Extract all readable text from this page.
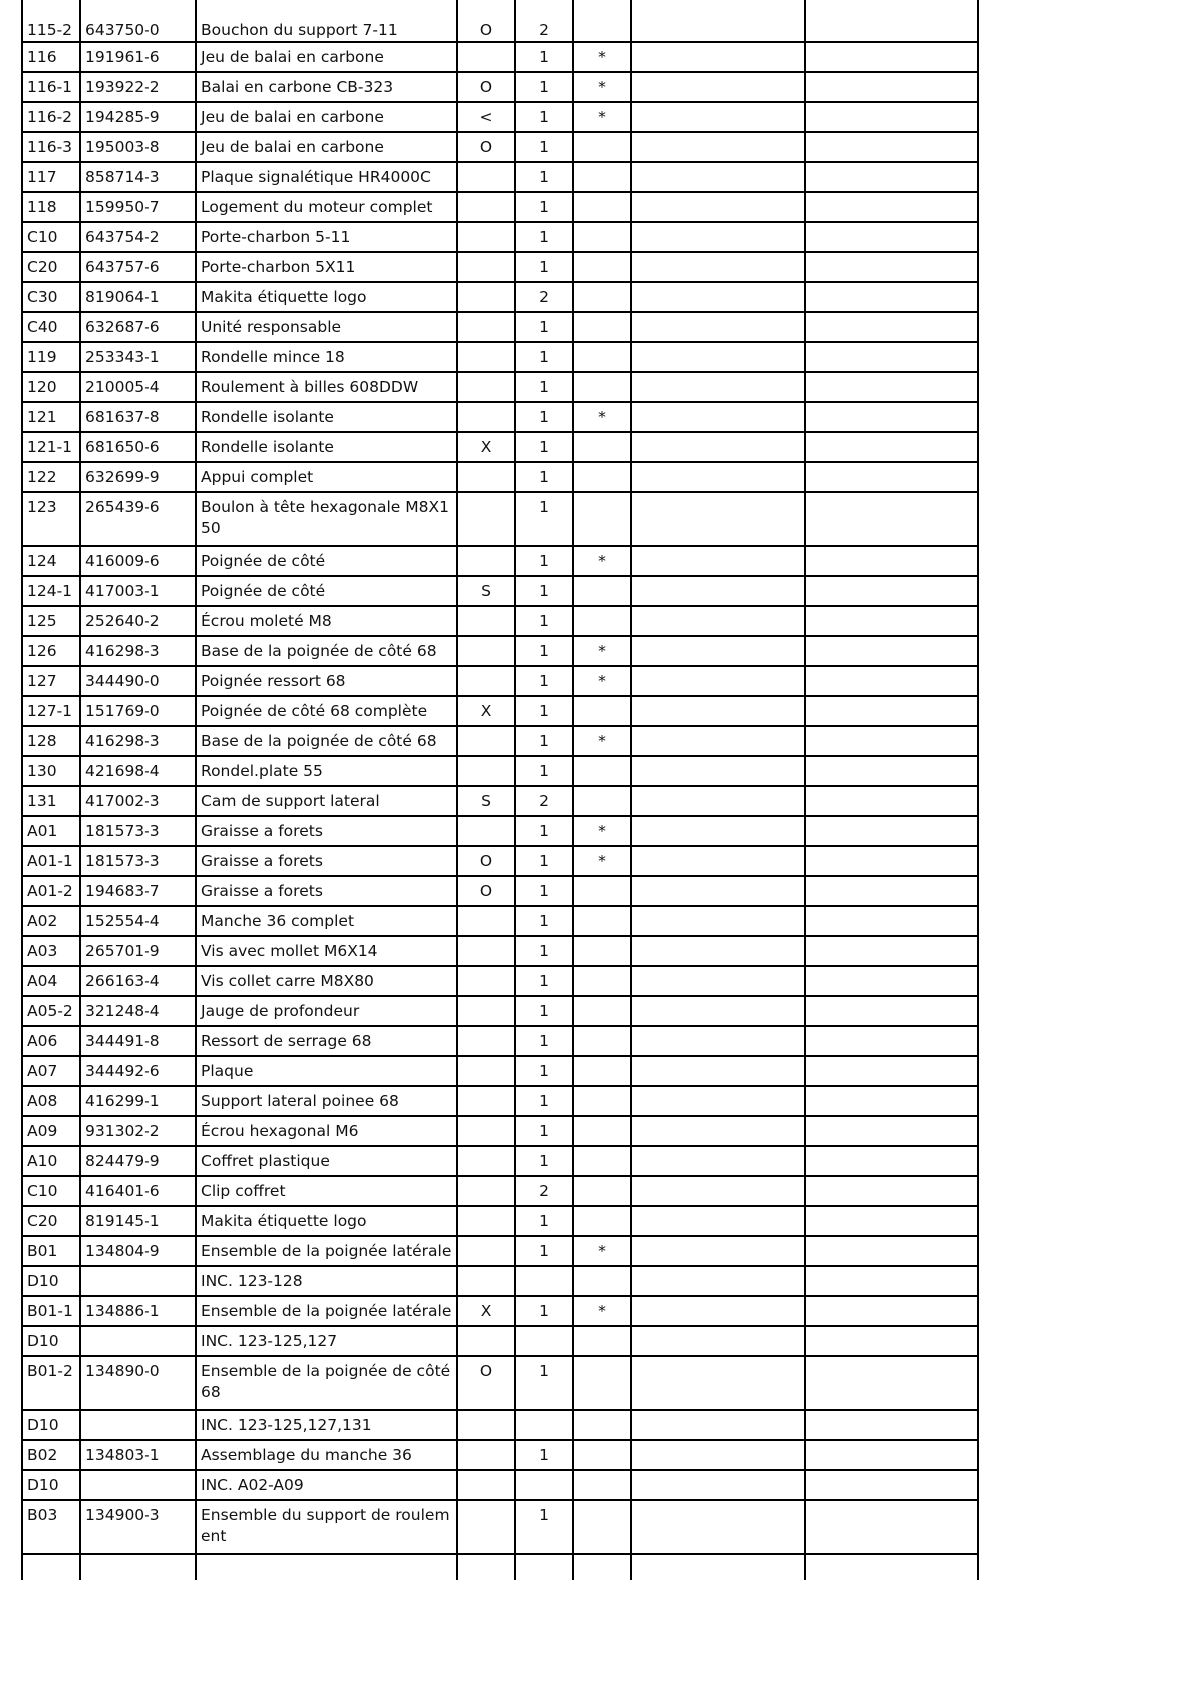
115-2	643750-0	Bouchon du support 7-11	O	2			
116	191961-6	Jeu de balai en carbone		1	*		
116-1	193922-2	Balai en carbone CB-323	O	1	*		
116-2	194285-9	Jeu de balai en carbone	<	1	*		
116-3	195003-8	Jeu de balai en carbone	O	1			
117	858714-3	Plaque signalétique HR4000C		1			
118	159950-7	Logement du moteur complet		1			
C10	643754-2	Porte-charbon 5-11		1			
C20	643757-6	Porte-charbon 5X11		1			
C30	819064-1	Makita étiquette logo		2			
C40	632687-6	Unité responsable		1			
119	253343-1	Rondelle mince 18		1			
120	210005-4	Roulement à billes 608DDW		1			
121	681637-8	Rondelle isolante		1	*		
121-1	681650-6	Rondelle isolante	X	1			
122	632699-9	Appui complet		1			
123	265439-6	Boulon à tête hexagonale M8X150		1			
124	416009-6	Poignée de côté		1	*		
124-1	417003-1	Poignée de côté	S	1			
125	252640-2	Écrou moleté M8		1			
126	416298-3	Base de la poignée de côté 68		1	*		
127	344490-0	Poignée ressort 68		1	*		
127-1	151769-0	Poignée de côté 68 complète	X	1			
128	416298-3	Base de la poignée de côté 68		1	*		
130	421698-4	Rondel.plate 55		1			
131	417002-3	Cam de support lateral	S	2			
A01	181573-3	Graisse a forets		1	*		
A01-1	181573-3	Graisse a forets	O	1	*		
A01-2	194683-7	Graisse a forets	O	1			
A02	152554-4	Manche 36 complet		1			
A03	265701-9	Vis avec mollet M6X14		1			
A04	266163-4	Vis collet carre M8X80		1			
A05-2	321248-4	Jauge de profondeur		1			
A06	344491-8	Ressort de serrage 68		1			
A07	344492-6	Plaque		1			
A08	416299-1	Support lateral poinee 68		1			
A09	931302-2	Écrou hexagonal M6		1			
A10	824479-9	Coffret plastique		1			
C10	416401-6	Clip coffret		2			
C20	819145-1	Makita étiquette logo		1			
B01	134804-9	Ensemble de la poignée latérale		1	*		
D10		INC. 123-128					
B01-1	134886-1	Ensemble de la poignée latérale	X	1	*		
D10		INC. 123-125,127					
B01-2	134890-0	Ensemble de la poignée de côté 68	O	1			
D10		INC. 123-125,127,131					
B02	134803-1	Assemblage du manche 36		1			
D10		INC. A02-A09					
B03	134900-3	Ensemble du support de roulement		1			
